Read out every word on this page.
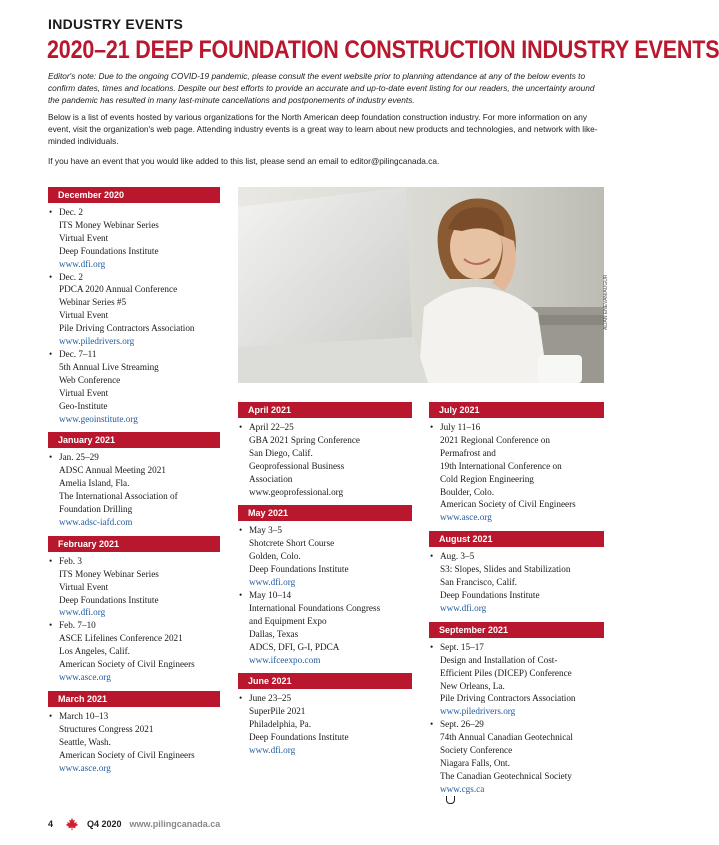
INDUSTRY EVENTS
2020–21 DEEP FOUNDATION CONSTRUCTION INDUSTRY EVENTS
Editor's note: Due to the ongoing COVID-19 pandemic, please consult the event website prior to planning attendance at any of the below events to confirm dates, times and locations. Despite our best efforts to provide an accurate and up-to-date event listing for our readers, the uncertainty around the pandemic has resulted in many last-minute cancellations and postponements of industry events.
Below is a list of events hosted by various organizations for the North American deep foundation construction industry. For more information on any event, visit the organization's web page. Attending industry events is a great way to learn about new products and technologies, and network with like-minded individuals.
If you have an event that you would like added to this list, please send an email to editor@pilingcanada.ca.
December 2020
• Dec. 2
ITS Money Webinar Series
Virtual Event
Deep Foundations Institute
www.dfi.org
• Dec. 2
PDCA 2020 Annual Conference
Webinar Series #5
Virtual Event
Pile Driving Contractors Association
www.piledrivers.org
• Dec. 7–11
5th Annual Live Streaming
Web Conference
Virtual Event
Geo-Institute
www.geoinstitute.org
January 2021
• Jan. 25–29
ADSC Annual Meeting 2021
Amelia Island, Fla.
The International Association of
Foundation Drilling
www.adsc-iafd.com
February 2021
• Feb. 3
ITS Money Webinar Series
Virtual Event
Deep Foundations Institute
www.dfi.org
• Feb. 7–10
ASCE Lifelines Conference 2021
Los Angeles, Calif.
American Society of Civil Engineers
www.asce.org
March 2021
• March 10–13
Structures Congress 2021
Seattle, Wash.
American Society of Civil Engineers
www.asce.org
ALIAN ENEVAN/AUGUR
April 2021
• April 22–25
GBA 2021 Spring Conference
San Diego, Calif.
Geoprofessional Business
Association
www.geoprofessional.org
May 2021
• May 3–5
Shotcrete Short Course
Golden, Colo.
Deep Foundations Institute
www.dfi.org
• May 10–14
International Foundations Congress
and Equipment Expo
Dallas, Texas
ADCS, DFI, G-I, PDCA
www.ifceexpo.com
June 2021
• June 23–25
SuperPile 2021
Philadelphia, Pa.
Deep Foundations Institute
www.dfi.org
July 2021
• July 11–16
2021 Regional Conference on
Permafrost and
19th International Conference on
Cold Region Engineering
Boulder, Colo.
American Society of Civil Engineers
www.asce.org
August 2021
• Aug. 3–5
S3: Slopes, Slides and Stabilization
San Francisco, Calif.
Deep Foundations Institute
www.dfi.org
September 2021
• Sept. 15–17
Design and Installation of Cost-
Efficient Piles (DICEP) Conference
New Orleans, La.
Pile Driving Contractors Association
www.piledrivers.org
• Sept. 26–29
74th Annual Canadian Geotechnical
Society Conference
Niagara Falls, Ont.
The Canadian Geotechnical Society
www.cgs.ca
4	Q4 2020 www.pilingcanada.ca
